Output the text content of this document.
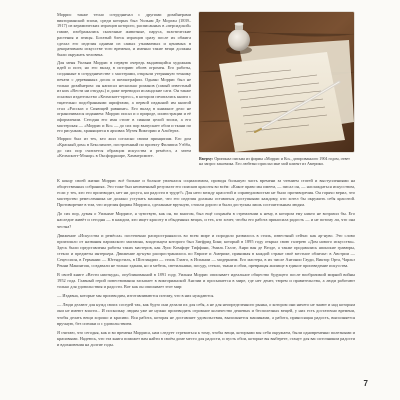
Моррис также тесно сотрудничал с другими дизайнерами викторианской эпохи, среди которых был Уильям Де Морган (1839–1917) из керамических изразцов которого, расписанных в «персидской» гамме, изображались сказочные животные, паруса, экзотические растения и птицы. Богатый блеск изразцов сразу после их обжига сделал его изделия одними из самых узнаваемых и ценимых в декоративном искусстве того времени, и именно такие вещи должны были окружать человека.

Для меня Уильям Моррис в первую очередь выдающийся художник идей и поэт, но его вклад в историю обоев огромен. Его работы, созданные в сотрудничестве с мастерами, открыли утерянную технику печати с деревянных досок и шелкографии. Однако Моррис был не только дизайнером: он написал несколько романов (самый известный из них «Вести ни откуда») и даже переводил исландские саги. Он также основал издательство «Келмскотт-пресс», в котором печатались книги с тщательно подобранными шрифтами, а первой изданной им книгой стал «Рассказ о Сияющей равнине». Его вклад в книжное дело не ограничивался изданием: Моррис писал и о природе, иллюстрации и её оформлении. Сегодня его имя стоит в сиянии целой эпохи, а его мастерская — «Моррис и Ко» — до сих пор выпускает обои и ткани по его рисункам, хранящиеся в архивах Музея Виктории и Альберта.

Моррис был из тех, кто жил согласно своим принципам. Его дом «Красный дом» в Бекслихите, построенный по проекту Филиппа Уэбба, до сих пор считается образцом искусства и ремёсел, а затем «Келмскотт-Мэнор» в Оксфордшире, Хаммерсмите.

Вверху: Оригинал письма из фирмы «Моррис и Ко», датированного 1904 годом, ответ на запрос заказчика. Его любезно прислал мне мой клиент из Америки.

К концу своей жизни Моррис всё больше и больше увлекался социализмом, проводя большую часть времени за чтением статей и выступлениями на общественных собраниях. Это тоже был неизменный результат его поисков красоты во всём: «Какое право мы имеем, — писал он, — наслаждаться искусством, если у тех, кто его производит, нет ни досуга, ни радости в труде?» Для него между красотой и справедливостью не было противоречия. Он горячо верил, что мастерство ремесленника не должно уступать машине, что его изделия должны оставаться доступными каждому, кто хотел бы окружить себя красотой. Противоречие в том, что изделия фирмы Морриса, сделанные вручную, стоили дорого и были доступны лишь состоятельным людям.

До сих пор, думая о Уильяме Моррисе, я чувствую, как он, во многом, был ещё сохранён в стремлении к нему, в котором ему никто не возразил бы. Его наследие живёт и сегодня — в каждом, кто ищет красоту в обыденных вещах, и тех, кто хочет, чтобы его работа приносила радость — и не потому ли, что она честна?

Движение «Искусства и ремёсла» постепенно распространялось во всем мире и породило развилось в стиль, известный сейчас как ар-нуво. Это слово произошло от названия парижского магазина, владельцем которого был Зигфрид Бинг, который в 1895 году открыл свою галерею «Дом нового искусства». Здесь были представлены работы таких мастеров, как Луис Комфорт Тиффани, Эмиль Галле, Анри ван де Велде, а также продавались японские гравюры, стекло и предметы интерьера. Движение ар-нуво распространилось по Европе и Америке, принимая в каждой стране своё местное обличье: в Австрии — Сецессион, в Германии — Югендстиль, в Шотландии — стиль Глазго, в Испании — модернизм. Его мастера, в их числе Антонио Гауди, Виктор Орта, Чарльз Ренни Макинтош, создавали не только здания, но и мебель, светильники, посуду, стекло, ткани и обои, превращая жилище в единое произведение искусства.

В своей книге «Вести ниоткуда», опубликованной в 1891 году, Уильям Моррис описывает идеальное общество будущего после вообразимой мирной войны 1952 года. Главный герой повествования засыпает в викторианской Англии и просыпается в мире, где нет денег, тюрем и правительства, а люди работают только для удовольствия и радости. Вот как он описывает этот мир:

— Издавна, которые мы производим, изготавливаются потому, что в них нуждаются.

— Люди делают для нужд своих соседей так, как будто они делали их для себя, а не для неопределенного рынка, о котором они ничего не знают и над которым они не имеют власти... И поскольку людям уже не нужно производить огромное количество дешевых и бесполезных вещей, у них есть достаточно времени, чтобы делать вещи хорошо и красиво. Вся работа, которая не доставляет удовольствия, выполняется машинами, а работа, приносящая радость, выполняется вручную, без спешки и с удовольствием.

Я считаю, что сегодня, как и во времена Морриса, нам следует стремиться к тому, чтобы вещи, которыми мы себя окружаем, были одновременно полезными и красивыми. Надеюсь, что эта книга поможет вам найти в своём доме место для радости, и пусть обои, которые вы выберете, станут для вас источником радости и вдохновения на долгие годы.

7
